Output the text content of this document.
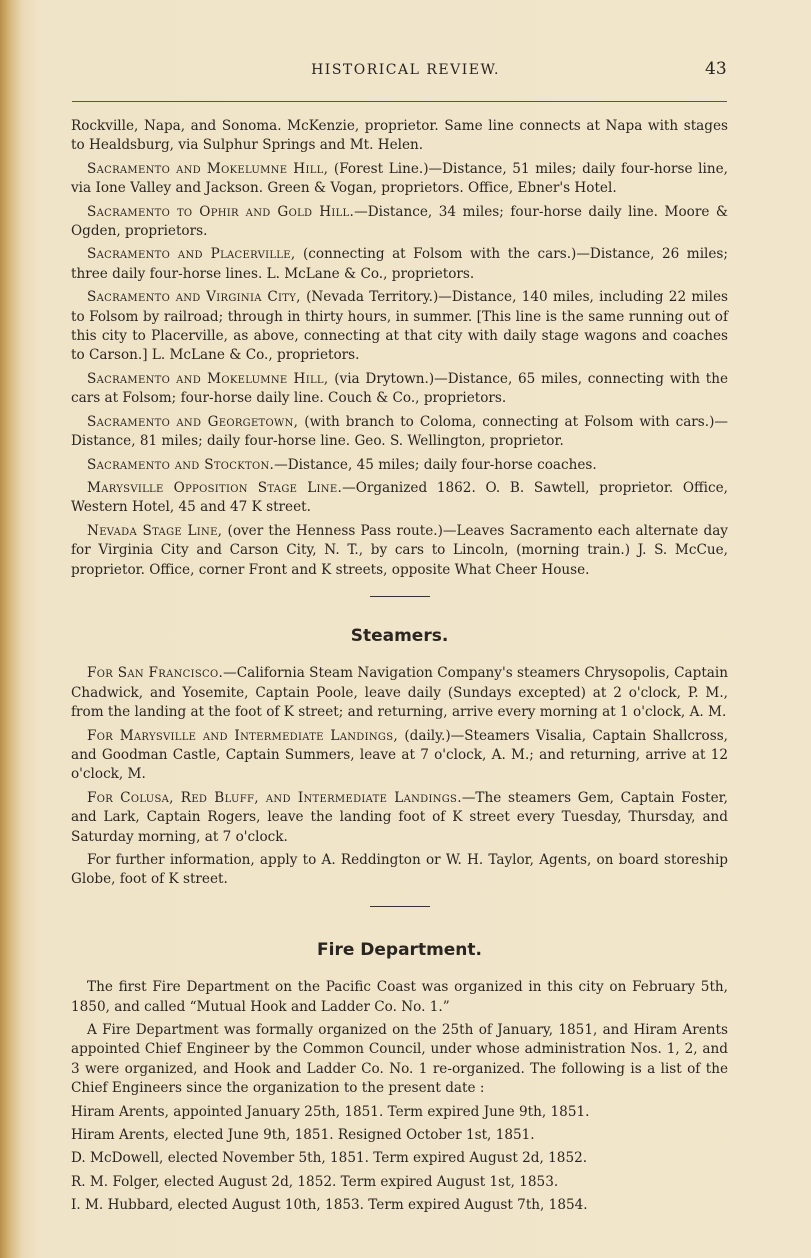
HISTORICAL REVIEW.	43

Rockville, Napa, and Sonoma. McKenzie, proprietor. Same line connects at Napa with stages to Healdsburg, via Sulphur Springs and Mt. Helen.

Sacramento and Mokelumne Hill, (Forest Line.)—Distance, 51 miles; daily four-horse line, via Ione Valley and Jackson. Green & Vogan, proprietors. Office, Ebner's Hotel.

Sacramento to Ophir and Gold Hill.—Distance, 34 miles; four-horse daily line. Moore & Ogden, proprietors.

Sacramento and Placerville, (connecting at Folsom with the cars.)—Distance, 26 miles; three daily four-horse lines. L. McLane & Co., proprietors.

Sacramento and Virginia City, (Nevada Territory.)—Distance, 140 miles, including 22 miles to Folsom by railroad; through in thirty hours, in summer. [This line is the same running out of this city to Placerville, as above, connecting at that city with daily stage wagons and coaches to Carson.] L. McLane & Co., proprietors.

Sacramento and Mokelumne Hill, (via Drytown.)—Distance, 65 miles, connecting with the cars at Folsom; four-horse daily line. Couch & Co., proprietors.

Sacramento and Georgetown, (with branch to Coloma, connecting at Folsom with cars.)—Distance, 81 miles; daily four-horse line. Geo. S. Wellington, proprietor.

Sacramento and Stockton.—Distance, 45 miles; daily four-horse coaches.

Marysville Opposition Stage Line.—Organized 1862. O. B. Sawtell, proprietor. Office, Western Hotel, 45 and 47 K street.

Nevada Stage Line, (over the Henness Pass route.)—Leaves Sacramento each alternate day for Virginia City and Carson City, N. T., by cars to Lincoln, (morning train.) J. S. McCue, proprietor. Office, corner Front and K streets, opposite What Cheer House.

Steamers.

For San Francisco.—California Steam Navigation Company's steamers Chrysopolis, Captain Chadwick, and Yosemite, Captain Poole, leave daily (Sundays excepted) at 2 o'clock, P. M., from the landing at the foot of K street; and returning, arrive every morning at 1 o'clock, A. M.

For Marysville and Intermediate Landings, (daily.)—Steamers Visalia, Captain Shallcross, and Goodman Castle, Captain Summers, leave at 7 o'clock, A. M.; and returning, arrive at 12 o'clock, M.

For Colusa, Red Bluff, and Intermediate Landings.—The steamers Gem, Captain Foster, and Lark, Captain Rogers, leave the landing foot of K street every Tuesday, Thursday, and Saturday morning, at 7 o'clock.

For further information, apply to A. Reddington or W. H. Taylor, Agents, on board storeship Globe, foot of K street.

Fire Department.

The first Fire Department on the Pacific Coast was organized in this city on February 5th, 1850, and called “Mutual Hook and Ladder Co. No. 1.”

A Fire Department was formally organized on the 25th of January, 1851, and Hiram Arents appointed Chief Engineer by the Common Council, under whose administration Nos. 1, 2, and 3 were organized, and Hook and Ladder Co. No. 1 re-organized. The following is a list of the Chief Engineers since the organization to the present date :

Hiram Arents, appointed January 25th, 1851. Term expired June 9th, 1851.

Hiram Arents, elected June 9th, 1851. Resigned October 1st, 1851.

D. McDowell, elected November 5th, 1851. Term expired August 2d, 1852.

R. M. Folger, elected August 2d, 1852. Term expired August 1st, 1853.

I. M. Hubbard, elected August 10th, 1853. Term expired August 7th, 1854.
